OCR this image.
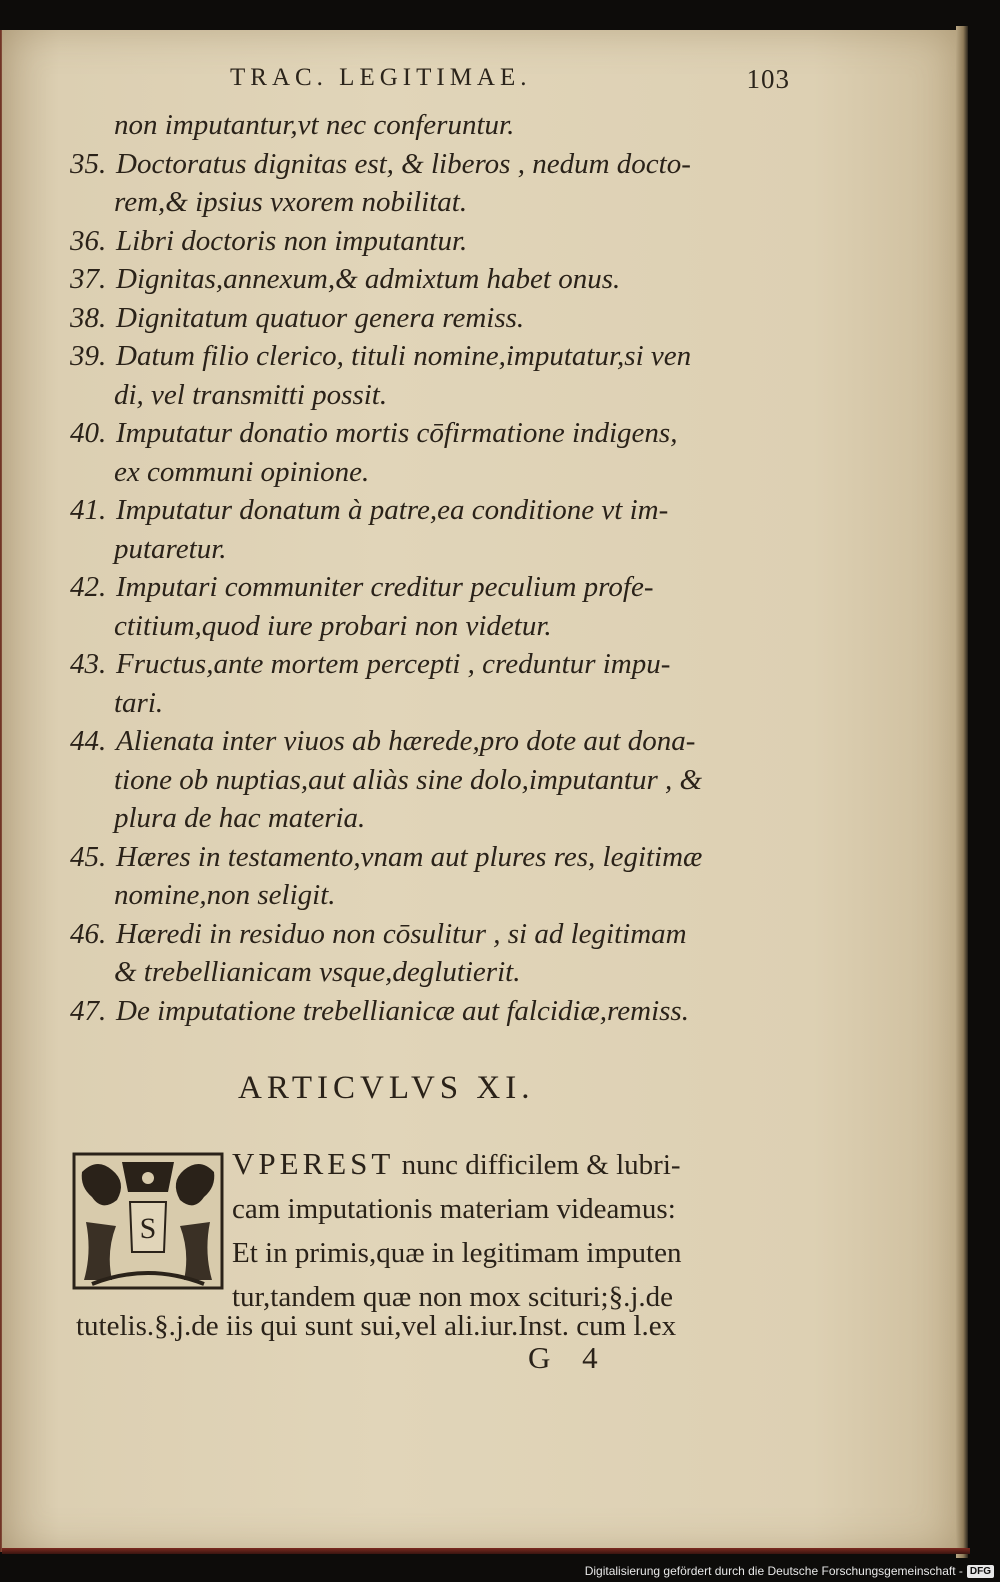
TRAC. LEGITIMAE.	103
non imputantur,vt nec conferuntur.
35. Doctoratus dignitas est, & liberos , nedum docto-
rem,& ipsius vxorem nobilitat.
36. Libri doctoris non imputantur.
37. Dignitas,annexum,& admixtum habet onus.
38. Dignitatum quatuor genera remiss.
39. Datum filio clerico, tituli nomine,imputatur,si ven
di, vel transmitti possit.
40. Imputatur donatio mortis cōfirmatione indigens,
ex communi opinione.
41. Imputatur donatum à patre,ea conditione vt im-
putaretur.
42. Imputari communiter creditur peculium profe-
ctitium,quod iure probari non videtur.
43. Fructus,ante mortem percepti , creduntur impu-
tari.
44. Alienata inter viuos ab hærede,pro dote aut dona-
tione ob nuptias,aut aliàs sine dolo,imputantur , &
plura de hac materia.
45. Hæres in testamento,vnam aut plures res, legitimæ
nomine,non seligit.
46. Hæredi in residuo non cōsulitur , si ad legitimam
& trebellianicam vsque,deglutierit.
47. De imputatione trebellianicæ aut falcidiæ,remiss.
ARTICVLVS XI.
S
VPEREST nunc difficilem & lubri-
cam imputationis materiam videamus:
Et in primis,quæ in legitimam imputen
tur,tandem quæ non mox sciturі;§.j.de
tutelis.§.j.de iis qui sunt sui,vel ali.iur.Inst. cum l.ex
G 4
Digitalisierung gefördert durch die Deutsche Forschungsgemeinschaft - DFG
